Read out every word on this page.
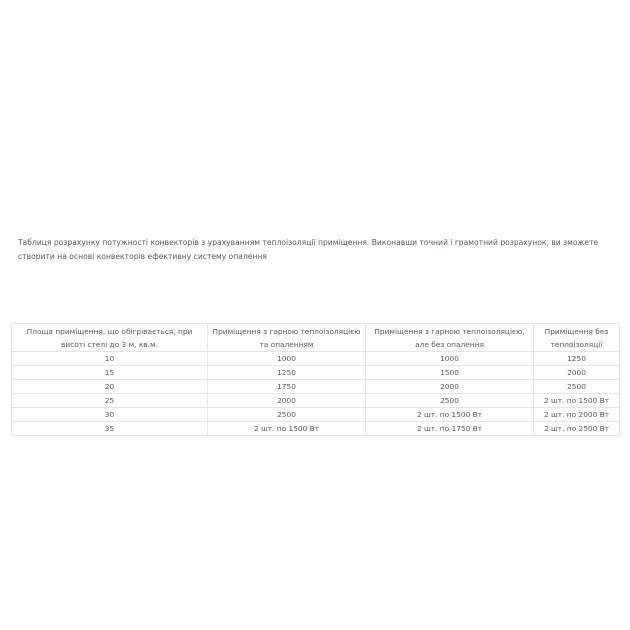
Таблиця розрахунку потужності конвекторів з урахуванням теплоізоляції приміщення. Виконавши точний і грамотний розрахунок, ви зможете створити на основі конвекторів ефективну систему опалення

Площа приміщення, що обігрівається, при висоті стелі до 3 м, кв.м.	Приміщення з гарною теплоізоляцією та опаленням	Приміщення з гарною теплоізоляцією, але без опалення	Приміщення без теплоізоляції
10	1000	1000	1250
15	1250	1500	2000
20	1750	2000	2500
25	2000	2500	2 шт. по 1500 Вт
30	2500	2 шт. по 1500 Вт	2 шт. по 2000 Вт
35	2 шт. по 1500 Вт	2 шт. по 1750 Вт	2 шт. по 2500 Вт
